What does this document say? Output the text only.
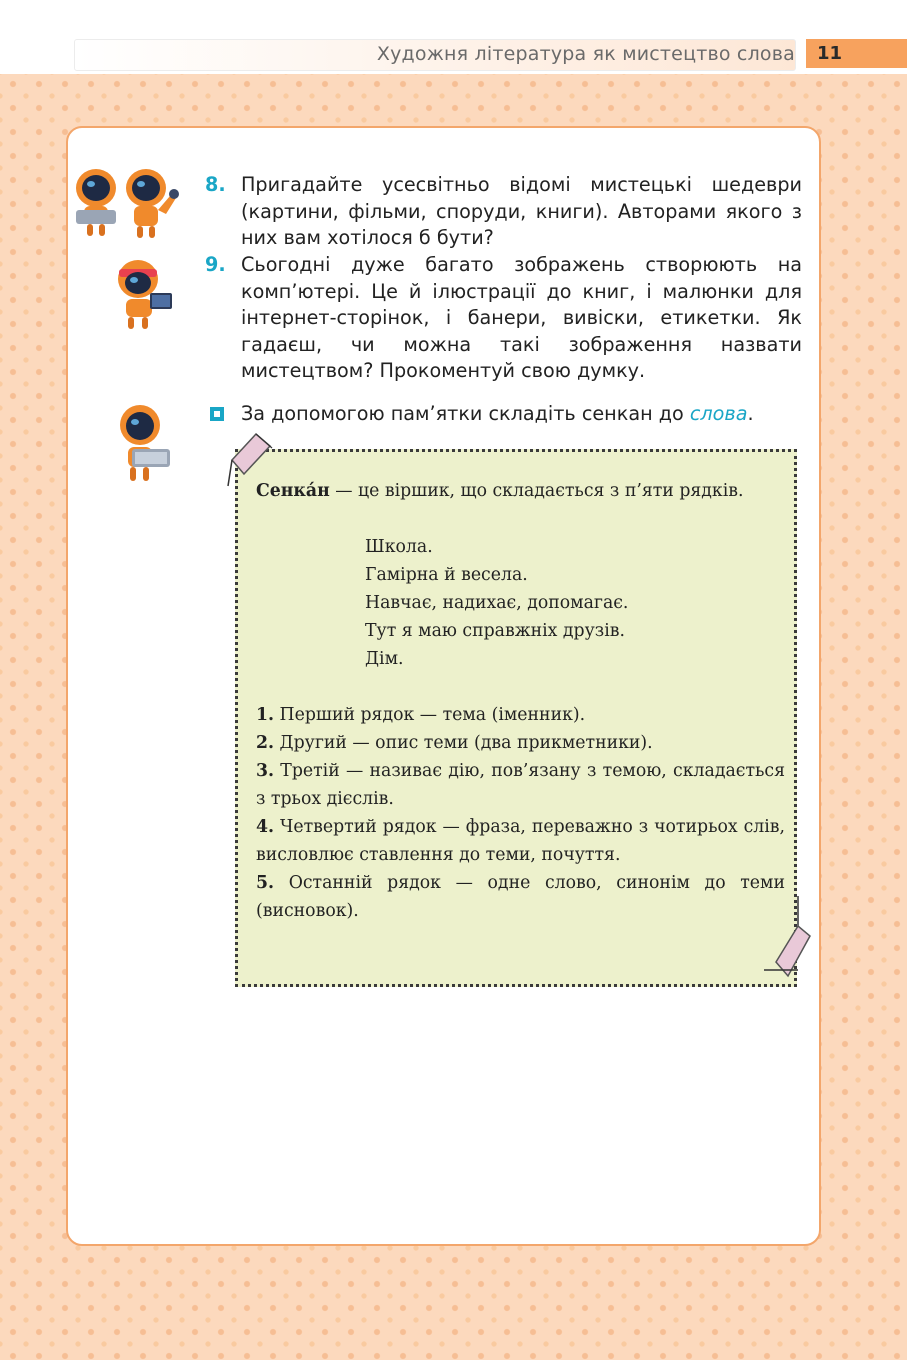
Художня література як мистецтво слова	11
8. Пригадайте усесвітньо відомі мистецькі шедеври (картини, фільми, споруди, книги). Авторами якого з них вам хотілося б бути?
9. Сьогодні дуже багато зображень створюють на комп’ютері. Це й ілюстрації до книг, і малюнки для інтернет-сторінок, і банери, вивіски, етикетки. Як гадаєш, чи можна такі зображення назвати мистецтвом? Прокоментуй свою думку.
За допомогою пам’ятки складіть сенкан до слова.

Сенка́н — це віршик, що складається з п’яти рядків.

Школа.
Гамірна й весела.
Навчає, надихає, допомагає.
Тут я маю справжніх друзів.
Дім.

1. Перший рядок — тема (іменник).

2. Другий — опис теми (два прикметники).

3. Третій — називає дію, пов’язану з темою, складається з трьох дієслів.

4. Четвертий рядок — фраза, переважно з чотирьох слів, висловлює ставлення до теми, почуття.

5. Останній рядок — одне слово, синонім до теми (висновок).
